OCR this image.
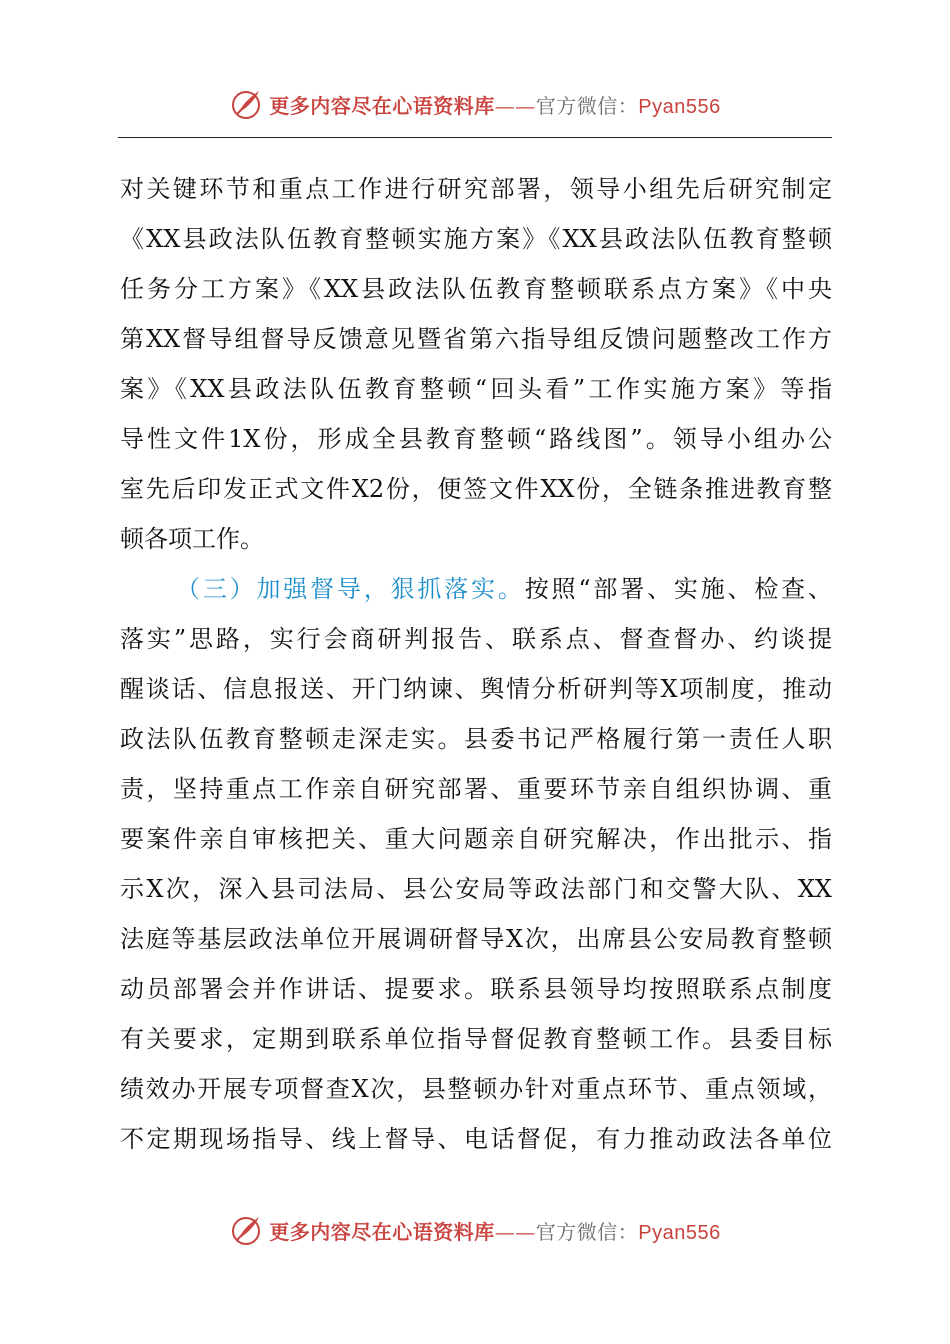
更多内容尽在心语资料库——官方微信：Pyan556
对关键环节和重点工作进行研究部署，领导小组先后研究制定
《XX县政法队伍教育整顿实施方案》《XX县政法队伍教育整顿
任务分工方案》《XX县政法队伍教育整顿联系点方案》《中央
第XX督导组督导反馈意见暨省第六指导组反馈问题整改工作方
案》《XX县政法队伍教育整顿“回头看”工作实施方案》等指
导性文件1X份，形成全县教育整顿“路线图”。领导小组办公
室先后印发正式文件X2份，便签文件XX份，全链条推进教育整
顿各项工作。
（三）加强督导，狠抓落实。按照“部署、实施、检查、
落实”思路，实行会商研判报告、联系点、督查督办、约谈提
醒谈话、信息报送、开门纳谏、舆情分析研判等X项制度，推动
政法队伍教育整顿走深走实。县委书记严格履行第一责任人职
责，坚持重点工作亲自研究部署、重要环节亲自组织协调、重
要案件亲自审核把关、重大问题亲自研究解决，作出批示、指
示X次，深入县司法局、县公安局等政法部门和交警大队、XX
法庭等基层政法单位开展调研督导X次，出席县公安局教育整顿
动员部署会并作讲话、提要求。联系县领导均按照联系点制度
有关要求，定期到联系单位指导督促教育整顿工作。县委目标
绩效办开展专项督查X次，县整顿办针对重点环节、重点领域，
不定期现场指导、线上督导、电话督促，有力推动政法各单位
更多内容尽在心语资料库——官方微信：Pyan556
